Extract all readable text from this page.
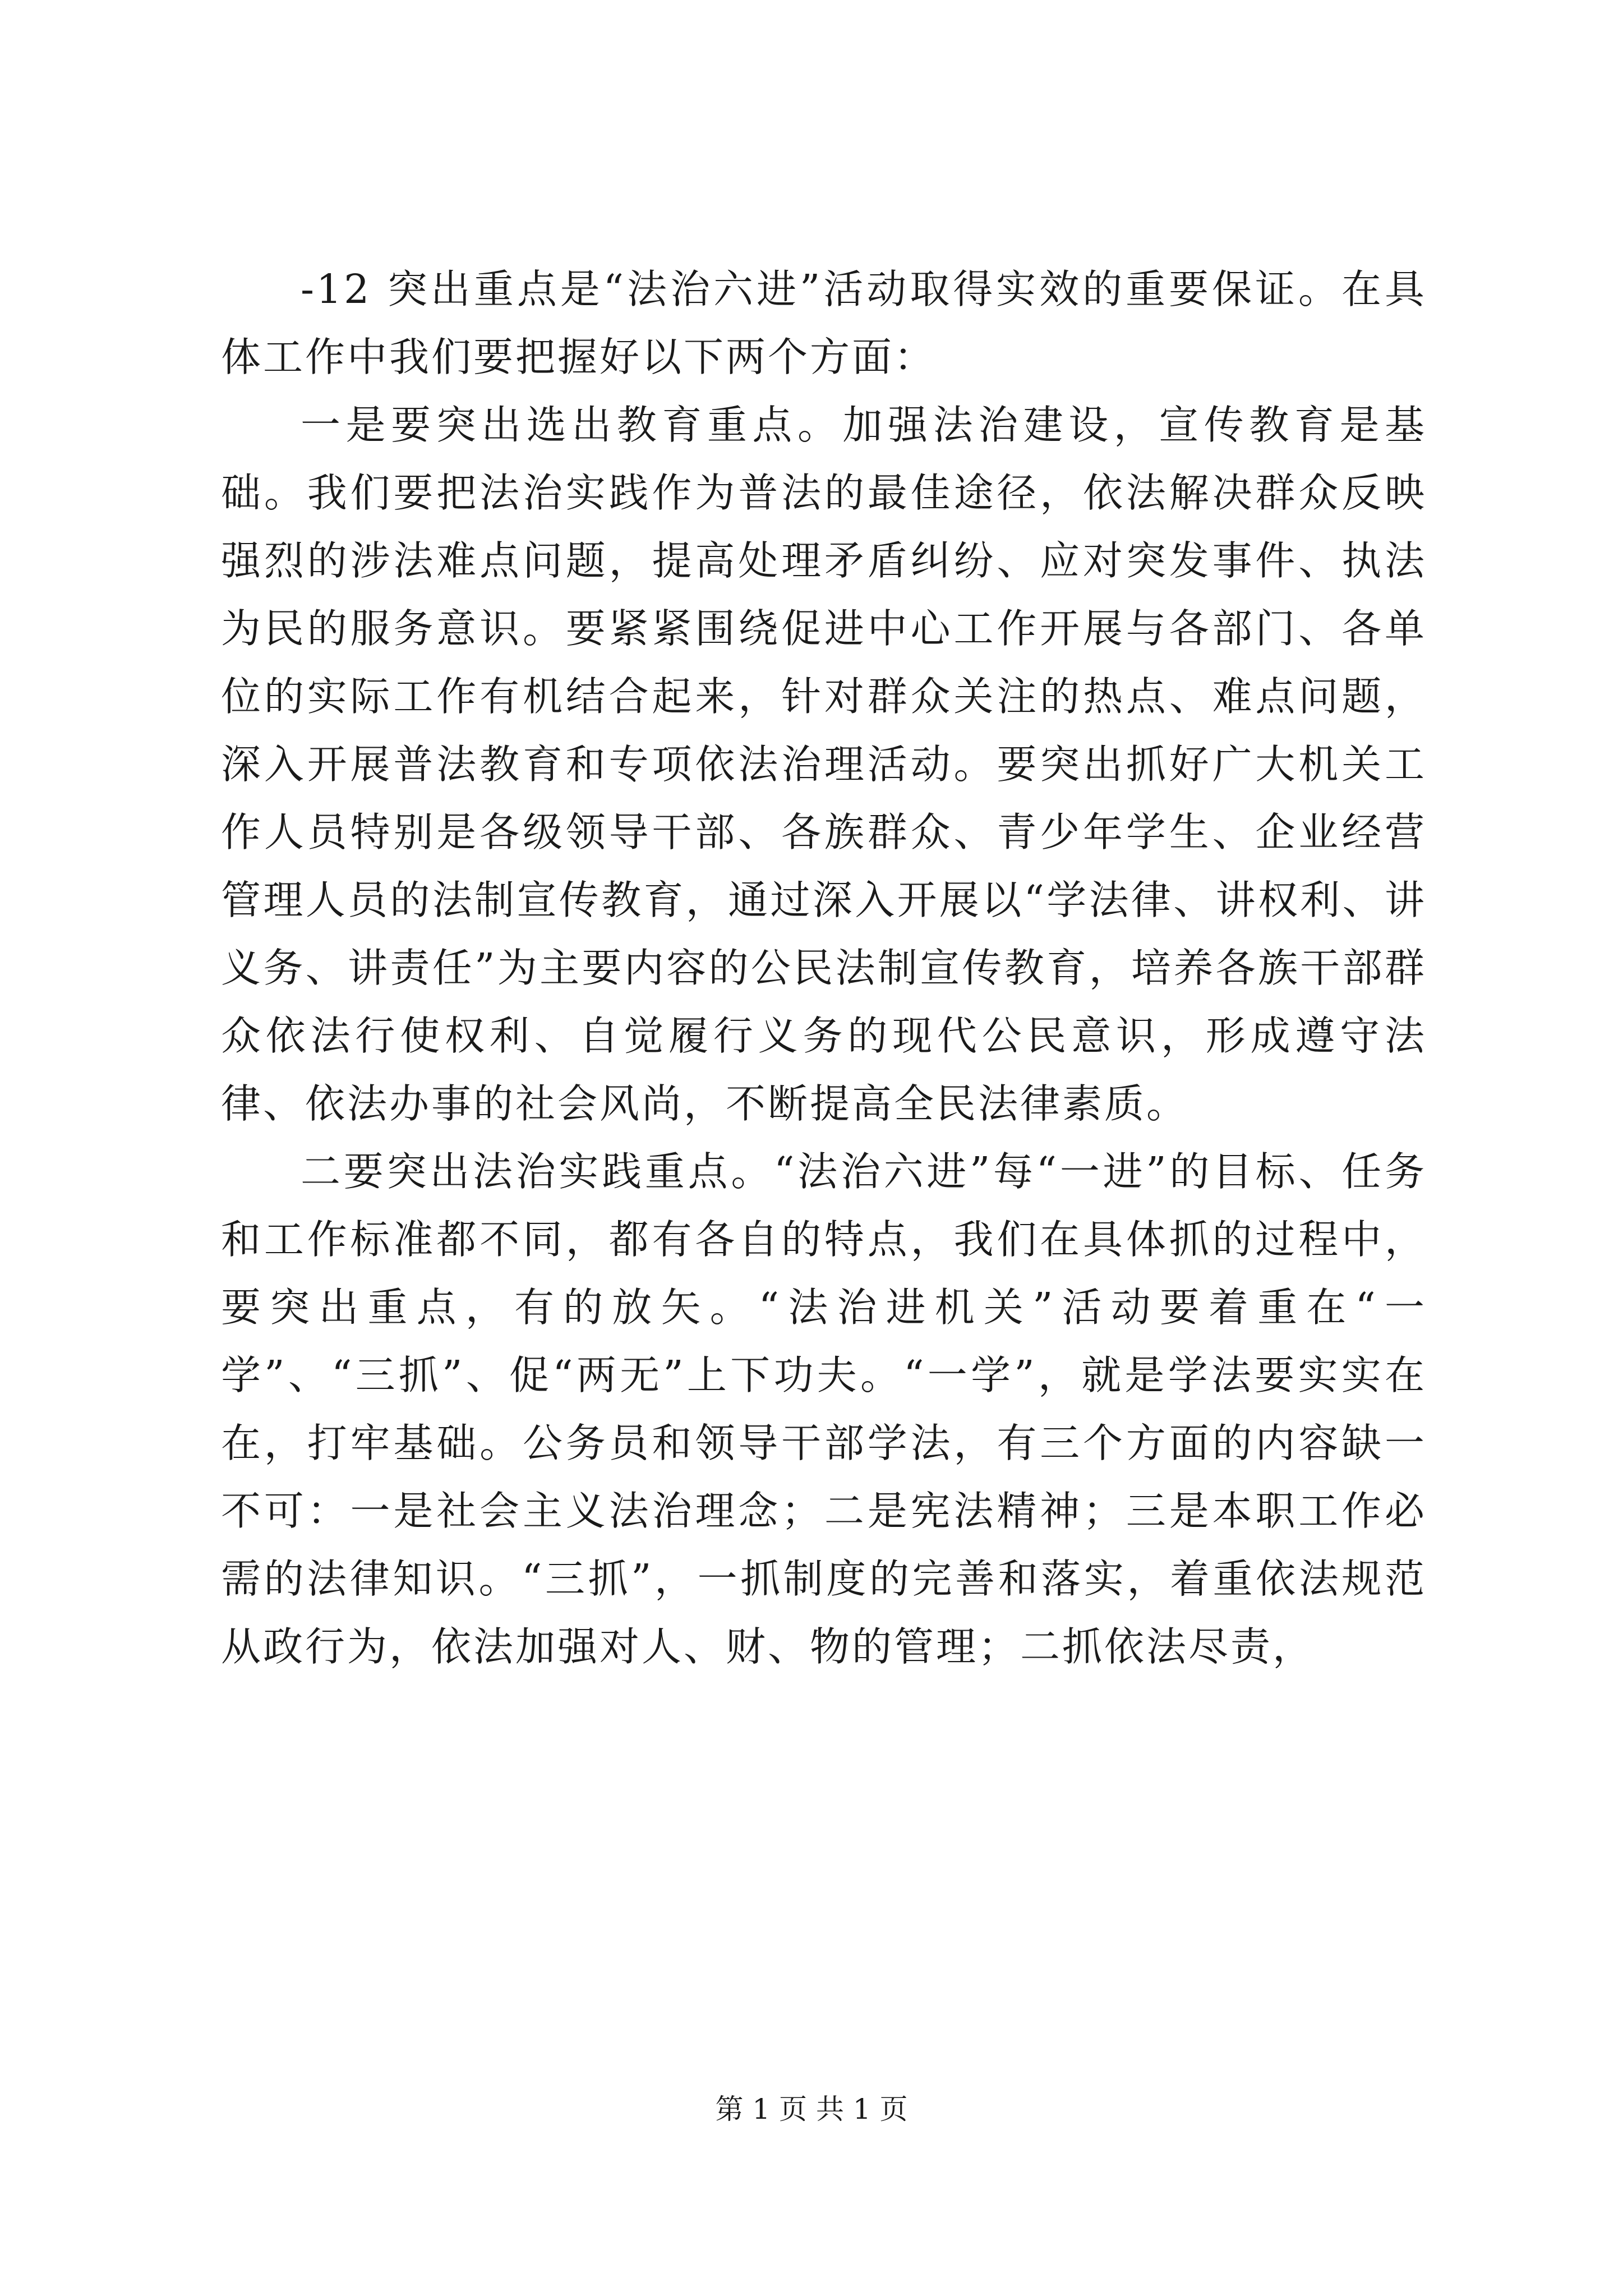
-12 突出重点是“法治六进”活动取得实效的重要保证。在具体工作中我们要把握好以下两个方面：

一是要突出选出教育重点。加强法治建设，宣传教育是基础。我们要把法治实践作为普法的最佳途径，依法解决群众反映强烈的涉法难点问题，提高处理矛盾纠纷、应对突发事件、执法为民的服务意识。要紧紧围绕促进中心工作开展与各部门、各单位的实际工作有机结合起来，针对群众关注的热点、难点问题，深入开展普法教育和专项依法治理活动。要突出抓好广大机关工作人员特别是各级领导干部、各族群众、青少年学生、企业经营管理人员的法制宣传教育，通过深入开展以“学法律、讲权利、讲义务、讲责任”为主要内容的公民法制宣传教育，培养各族干部群众依法行使权利、自觉履行义务的现代公民意识，形成遵守法律、依法办事的社会风尚，不断提高全民法律素质。

二要突出法治实践重点。“法治六进”每“一进”的目标、任务和工作标准都不同，都有各自的特点，我们在具体抓的过程中，要突出重点，有的放矢。“法治进机关”活动要着重在“一学”、“三抓”、促“两无”上下功夫。“一学”，就是学法要实实在在，打牢基础。公务员和领导干部学法，有三个方面的内容缺一不可：一是社会主义法治理念；二是宪法精神；三是本职工作必需的法律知识。“三抓”，一抓制度的完善和落实，着重依法规范从政行为，依法加强对人、财、物的管理；二抓依法尽责，

第 1 页 共 1 页
